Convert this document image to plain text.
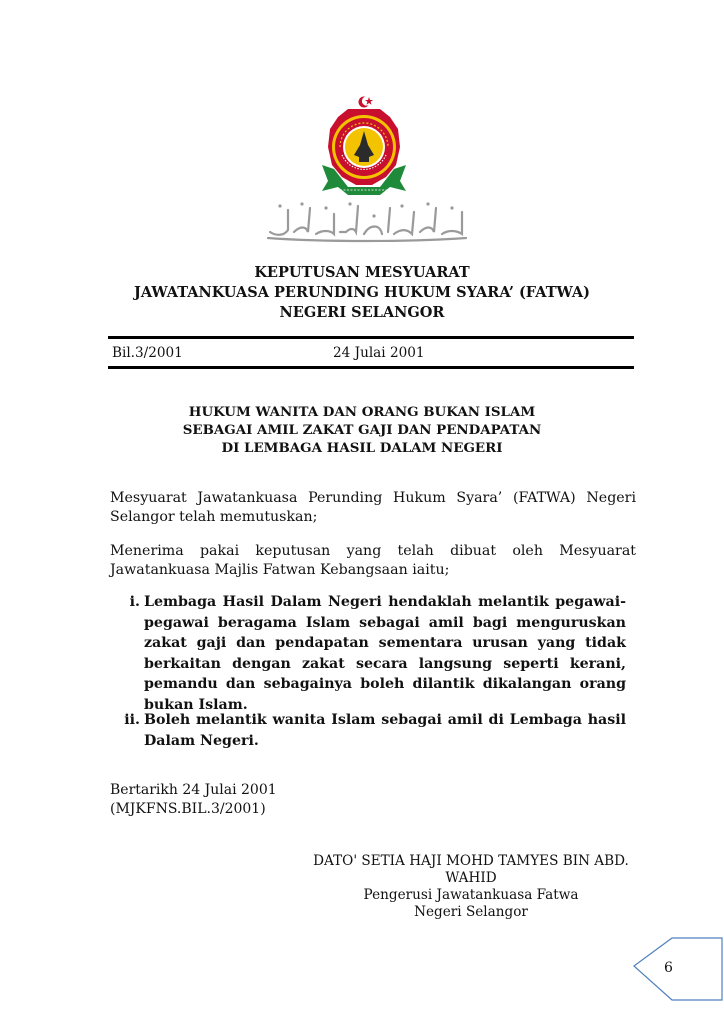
KEPUTUSAN MESYUARAT
JAWATANKUASA PERUNDING HUKUM SYARA’ (FATWA)
NEGERI SELANGOR
Bil.3/2001	24 Julai 2001
HUKUM WANITA DAN ORANG BUKAN ISLAM
SEBAGAI AMIL ZAKAT GAJI DAN PENDAPATAN
DI LEMBAGA HASIL DALAM NEGERI
Mesyuarat Jawatankuasa Perunding Hukum Syara’ (FATWA) Negeri Selangor telah memutuskan;
Menerima pakai keputusan yang telah dibuat oleh Mesyuarat Jawatankuasa Majlis Fatwan Kebangsaan iaitu;
i. Lembaga Hasil Dalam Negeri hendaklah melantik pegawai-pegawai beragama Islam sebagai amil bagi menguruskan zakat gaji dan pendapatan sementara urusan yang tidak berkaitan dengan zakat secara langsung seperti kerani, pemandu dan sebagainya boleh dilantik dikalangan orang bukan Islam.
ii. Boleh melantik wanita Islam sebagai amil di Lembaga hasil Dalam Negeri.
Bertarikh 24 Julai 2001
(MJKFNS.BIL.3/2001)
DATO' SETIA HAJI MOHD TAMYES BIN ABD. WAHID
Pengerusi Jawatankuasa Fatwa
Negeri Selangor
6
